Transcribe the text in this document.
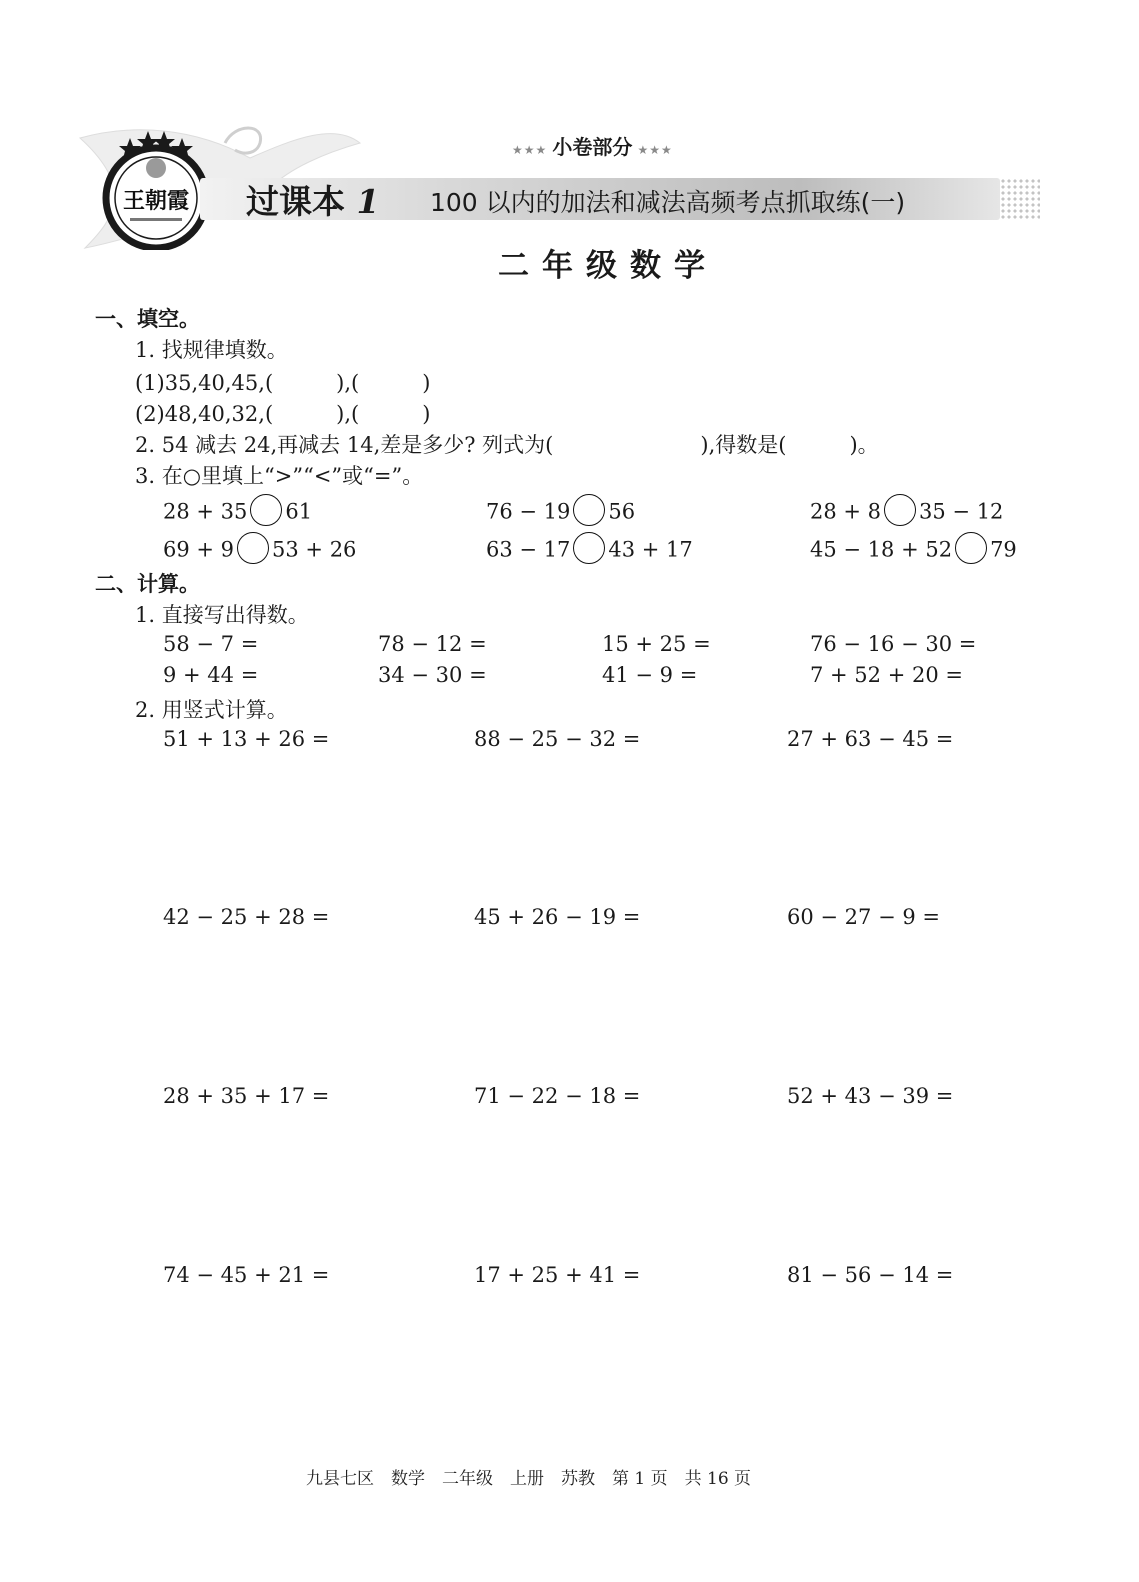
王朝霞
★★★ 小卷部分 ★★★
过课本 1 100 以内的加法和减法高频考点抓取练(一)
二年级数学
一、填空。
1. 找规律填数。
(1)35,40,45,(　　　),(　　　)
(2)48,40,32,(　　　),(　　　)
2. 54 减去 24,再减去 14,差是多少? 列式为(　　　　　　　),得数是(　　　)。
3. 在○里填上“>”“<”或“=”。
28 + 35 61	76 − 19 56	28 + 8 35 − 12
69 + 9 53 + 26	63 − 17 43 + 17	45 − 18 + 52 79
二、计算。
1. 直接写出得数。
58 − 7 =	78 − 12 =	15 + 25 =	76 − 16 − 30 =
9 + 44 =	34 − 30 =	41 − 9 =	7 + 52 + 20 =
2. 用竖式计算。
51 + 13 + 26 =	88 − 25 − 32 =	27 + 63 − 45 =
42 − 25 + 28 =	45 + 26 − 19 =	60 − 27 − 9 =
28 + 35 + 17 =	71 − 22 − 18 =	52 + 43 − 39 =
74 − 45 + 21 =	17 + 25 + 41 =	81 − 56 − 14 =
九县七区　数学　二年级　上册　苏教　第 1 页　共 16 页
